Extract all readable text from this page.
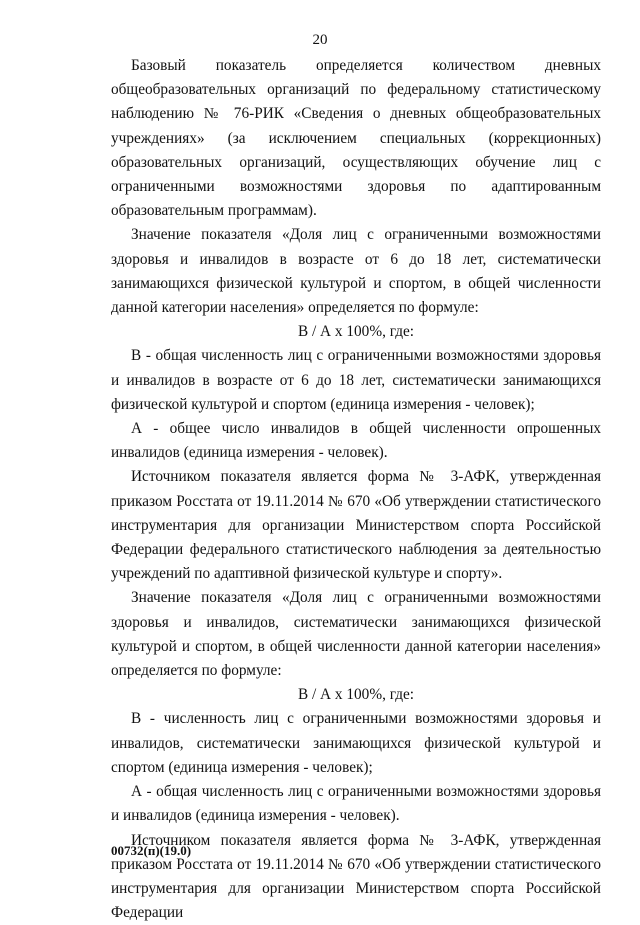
20

Базовый показатель определяется количеством дневных общеобразовательных организаций по федеральному статистическому наблюдению № 76-РИК «Сведения о дневных общеобразовательных учреждениях» (за исключением специальных (коррекционных) образовательных организаций, осуществляющих обучение лиц с ограниченными возможностями здоровья по адаптированным образовательным программам).

Значение показателя «Доля лиц с ограниченными возможностями здоровья и инвалидов в возрасте от 6 до 18 лет, систематически занимающихся физической культурой и спортом, в общей численности данной категории населения» определяется по формуле:

В / А х 100%, где:

В - общая численность лиц с ограниченными возможностями здоровья и инвалидов в возрасте от 6 до 18 лет, систематически занимающихся физической культурой и спортом (единица измерения - человек);

А - общее число инвалидов в общей численности опрошенных инвалидов (единица измерения - человек).

Источником показателя является форма № 3-АФК, утвержденная приказом Росстата от 19.11.2014 № 670 «Об утверждении статистического инструментария для организации Министерством спорта Российской Федерации федерального статистического наблюдения за деятельностью учреждений по адаптивной физической культуре и спорту».

Значение показателя «Доля лиц с ограниченными возможностями здоровья и инвалидов, систематически занимающихся физической культурой и спортом, в общей численности данной категории населения» определяется по формуле:

В / А х 100%, где:

В - численность лиц с ограниченными возможностями здоровья и инвалидов, систематически занимающихся физической культурой и спортом (единица измерения - человек);

А - общая численность лиц с ограниченными возможностями здоровья и инвалидов (единица измерения - человек).

Источником показателя является форма № 3-АФК, утвержденная приказом Росстата от 19.11.2014 № 670 «Об утверждении статистического инструментария для организации Министерством спорта Российской Федерации

00732(п)(19.0)
